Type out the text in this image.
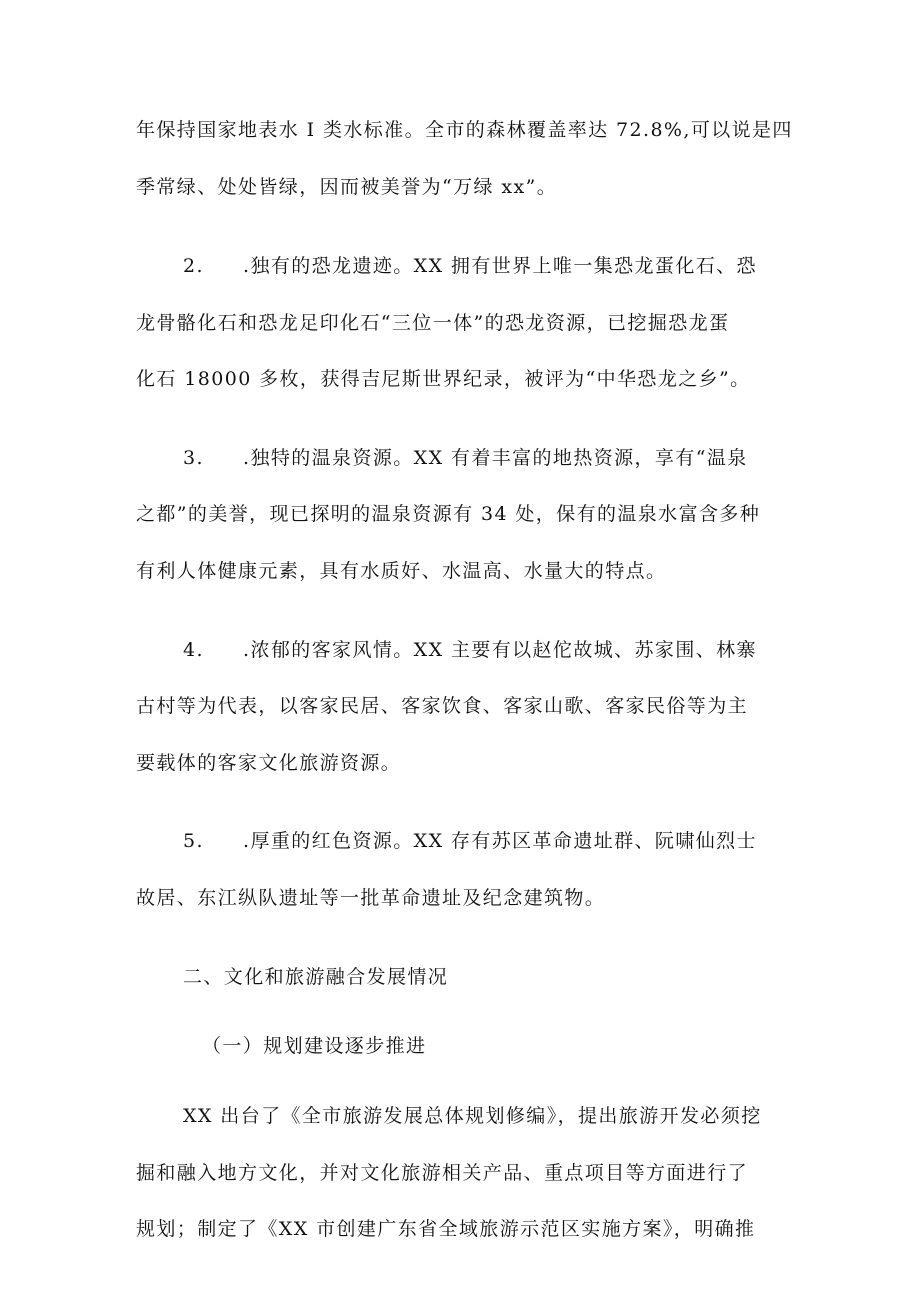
年保持国家地表水 I 类水标准。全市的森林覆盖率达 72.8%,可以说是四
季常绿、处处皆绿，因而被美誉为“万绿 xx”。
2. .独有的恐龙遗迹。XX 拥有世界上唯一集恐龙蛋化石、恐
龙骨骼化石和恐龙足印化石“三位一体”的恐龙资源，已挖掘恐龙蛋
化石 18000 多枚，获得吉尼斯世界纪录，被评为“中华恐龙之乡”。
3. .独特的温泉资源。XX 有着丰富的地热资源，享有“温泉
之都”的美誉，现已探明的温泉资源有 34 处，保有的温泉水富含多种
有利人体健康元素，具有水质好、水温高、水量大的特点。
4. .浓郁的客家风情。XX 主要有以赵佗故城、苏家围、林寨
古村等为代表，以客家民居、客家饮食、客家山歌、客家民俗等为主
要载体的客家文化旅游资源。
5. .厚重的红色资源。XX 存有苏区革命遗址群、阮啸仙烈士
故居、东江纵队遗址等一批革命遗址及纪念建筑物。
二、文化和旅游融合发展情况
（一）规划建设逐步推进
XX 出台了《全市旅游发展总体规划修编》，提出旅游开发必须挖
掘和融入地方文化，并对文化旅游相关产品、重点项目等方面进行了
规划；制定了《XX 市创建广东省全域旅游示范区实施方案》，明确推
